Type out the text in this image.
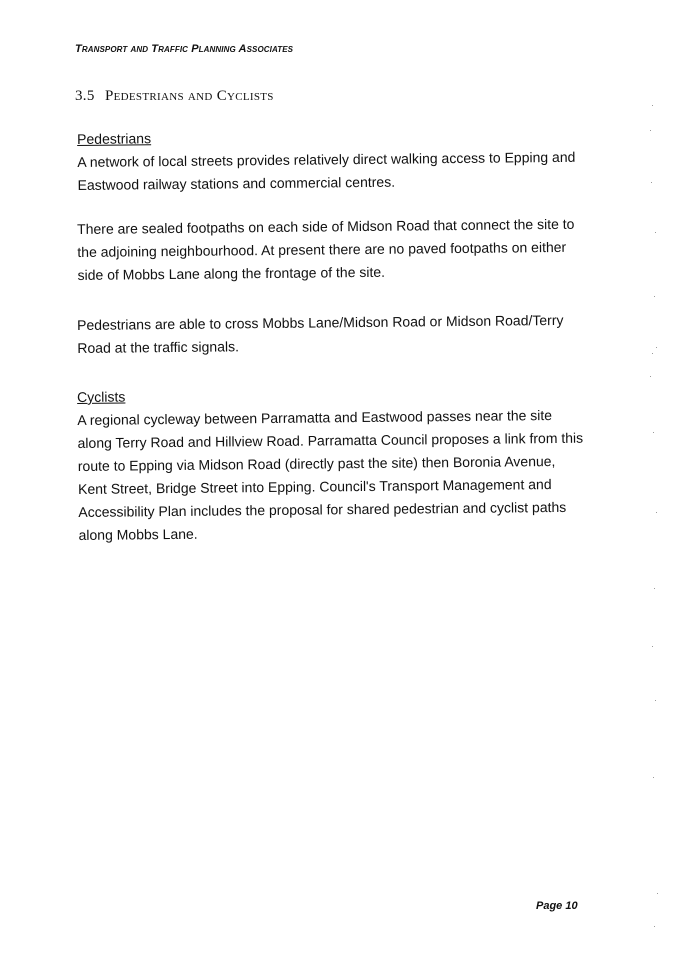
Transport and Traffic Planning Associates
3.5 Pedestrians and Cyclists
Pedestrians

A network of local streets provides relatively direct walking access to Epping and Eastwood railway stations and commercial centres.

There are sealed footpaths on each side of Midson Road that connect the site to the adjoining neighbourhood. At present there are no paved footpaths on either side of Mobbs Lane along the frontage of the site.

Pedestrians are able to cross Mobbs Lane/Midson Road or Midson Road/Terry Road at the traffic signals.

Cyclists

A regional cycleway between Parramatta and Eastwood passes near the site along Terry Road and Hillview Road. Parramatta Council proposes a link from this route to Epping via Midson Road (directly past the site) then Boronia Avenue, Kent Street, Bridge Street into Epping. Council's Transport Management and Accessibility Plan includes the proposal for shared pedestrian and cyclist paths along Mobbs Lane.

Page 10
